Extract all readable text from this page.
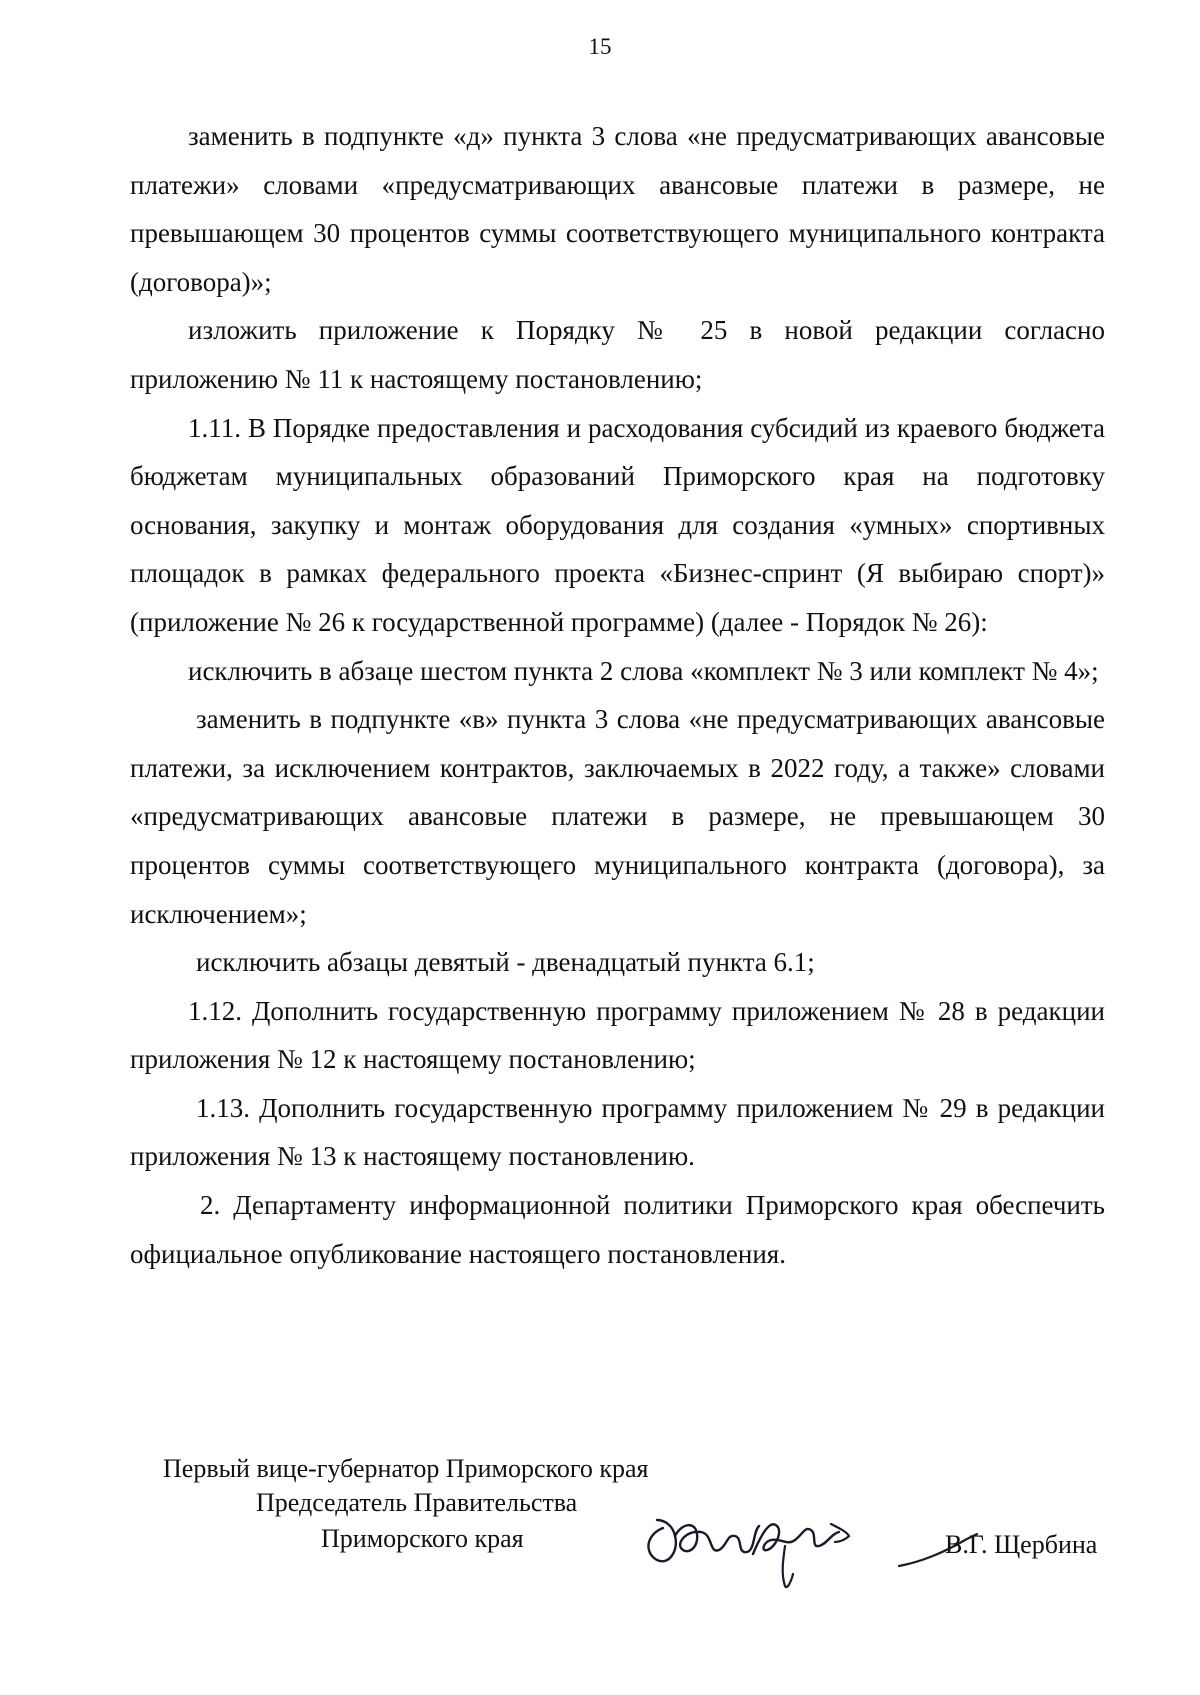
15

заменить в подпункте «д» пункта 3 слова «не предусматривающих авансовые платежи» словами «предусматривающих авансовые платежи в размере, не превышающем 30 процентов суммы соответствующего муниципального контракта (договора)»;

изложить приложение к Порядку № 25 в новой редакции согласно приложению № 11 к настоящему постановлению;

1.11. В Порядке предоставления и расходования субсидий из краевого бюджета бюджетам муниципальных образований Приморского края на подготовку основания, закупку и монтаж оборудования для создания «умных» спортивных площадок в рамках федерального проекта «Бизнес-спринт (Я выбираю спорт)» (приложение № 26 к государственной программе) (далее - Порядок № 26):

исключить в абзаце шестом пункта 2 слова «комплект № 3 или комплект № 4»;

заменить в подпункте «в» пункта 3 слова «не предусматривающих авансовые платежи, за исключением контрактов, заключаемых в 2022 году, а также» словами «предусматривающих авансовые платежи в размере, не превышающем 30 процентов суммы соответствующего муниципального контракта (договора), за исключением»;

исключить абзацы девятый - двенадцатый пункта 6.1;

1.12. Дополнить государственную программу приложением № 28 в редакции приложения № 12 к настоящему постановлению;

1.13. Дополнить государственную программу приложением № 29 в редакции приложения № 13 к настоящему постановлению.

2. Департаменту информационной политики Приморского края обеспечить официальное опубликование настоящего постановления.

Первый вице-губернатор Приморского края
Председатель Правительства
Приморского края	В.Г. Щербина
